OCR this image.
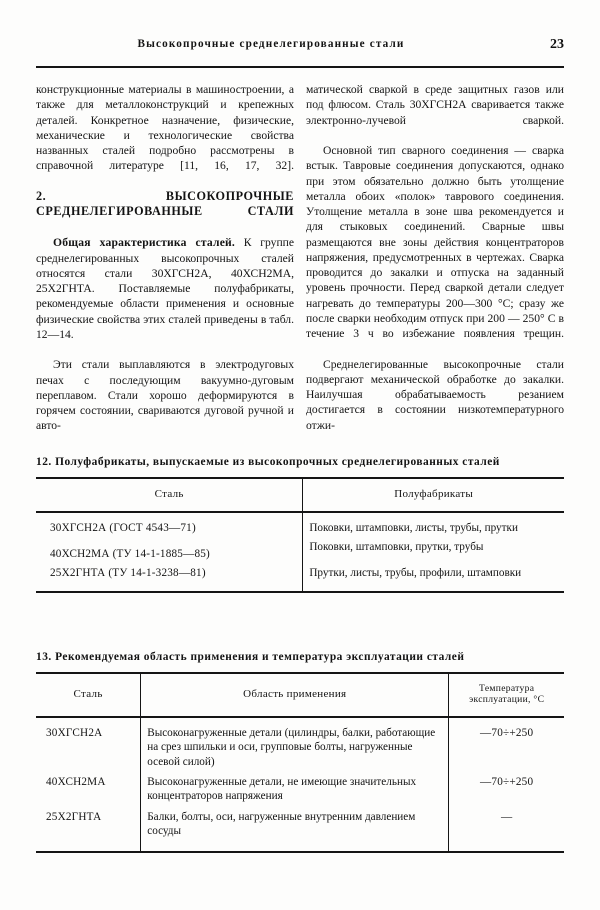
Высокопрочные среднелегированные стали	23

конструкционные материалы в машиностроении, а также для металлоконструкций и крепежных деталей. Конкретное назначение, физические, механические и технологические свойства названных сталей подробно рассмотрены в справочной литературе [11, 16, 17, 32].

2. ВЫСОКОПРОЧНЫЕ СРЕДНЕЛЕГИРОВАННЫЕ СТАЛИ

Общая характеристика сталей. К группе среднелегированных высокопрочных сталей относятся стали 30ХГСН2А, 40ХСН2МА, 25Х2ГНТА. Поставляемые полуфабрикаты, рекомендуемые области применения и основные физические свойства этих сталей приведены в табл. 12—14.

Эти стали выплавляются в электродуговых печах с последующим вакуумно-дуговым переплавом. Стали хорошо деформируются в горячем состоянии, свариваются дуговой ручной и авто-

матической сваркой в среде защитных газов или под флюсом. Сталь 30ХГСН2А сваривается также электронно-лучевой сваркой.

Основной тип сварного соединения — сварка встык. Тавровые соединения допускаются, однако при этом обязательно должно быть утолщение металла обоих «полок» таврового соединения. Утолщение металла в зоне шва рекомендуется и для стыковых соединений. Сварные швы размещаются вне зоны действия концентраторов напряжения, предусмотренных в чертежах. Сварка проводится до закалки и отпуска на заданный уровень прочности. Перед сваркой детали следует нагревать до температуры 200—300 °C; сразу же после сварки необходим отпуск при 200 — 250° C в течение 3 ч во избежание появления трещин.

Среднелегированные высокопрочные стали подвергают механической обработке до закалки. Наилучшая обрабатываемость резанием достигается в состоянии низкотемпературного отжи-

12. Полуфабрикаты, выпускаемые из высокопрочных среднелегированных сталей
Сталь	Полуфабрикаты
30ХГСН2А (ГОСТ 4543—71)	Поковки, штамповки, листы, трубы, прутки
40ХСН2МА (ТУ 14-1-1885—85)	Поковки, штамповки, прутки, трубы
25Х2ГНТА (ТУ 14-1-3238—81)	Прутки, листы, трубы, профили, штамповки

13. Рекомендуемая область применения и температура эксплуатации сталей
Сталь	Область применения	Температура эксплуатации, °С
30ХГСН2А	Высоконагруженные детали (цилиндры, балки, работающие на срез шпильки и оси, групповые болты, нагруженные осевой силой)	—70÷+250
40ХСН2МА	Высоконагруженные детали, не имеющие значительных концентраторов напряжения	—70÷+250
25Х2ГНТА	Балки, болты, оси, нагруженные внутренним давлением сосуды	—
